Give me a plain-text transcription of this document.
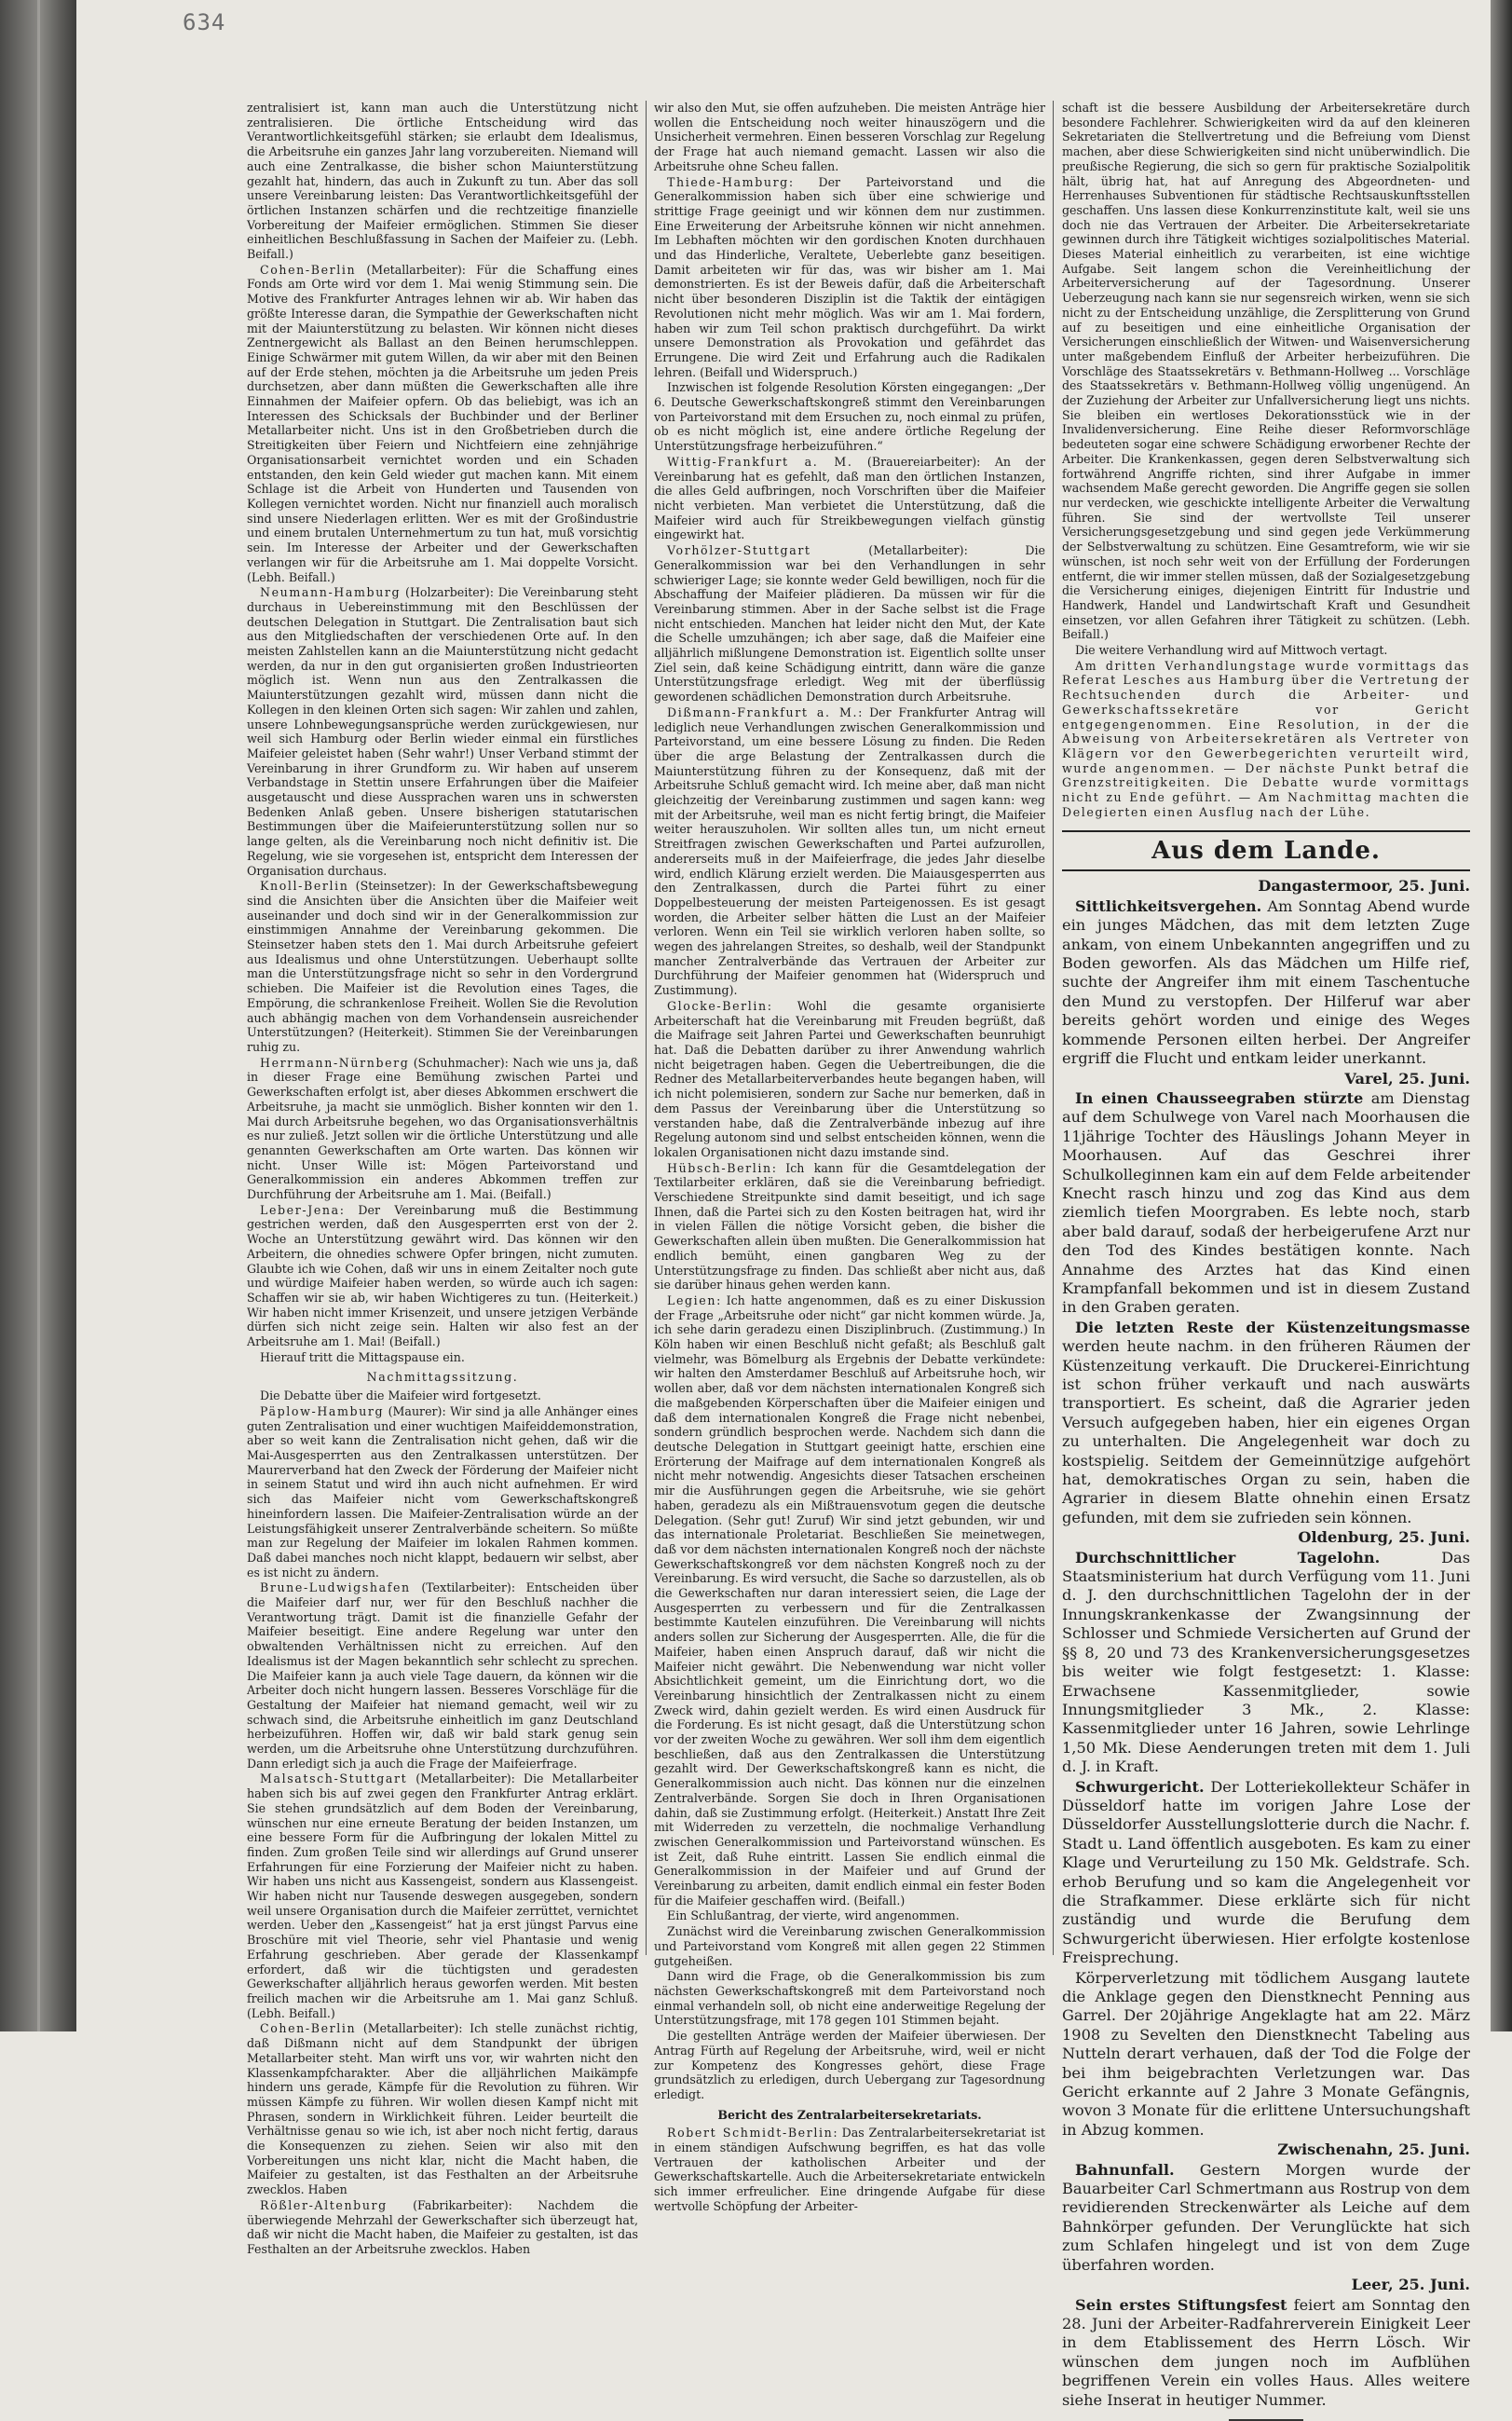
634

zentralisiert ist, kann man auch die Unterstützung nicht zentralisieren. Die örtliche Entscheidung wird das Verantwortlichkeitsgefühl stärken; sie erlaubt dem Idealismus, die Arbeitsruhe ein ganzes Jahr lang vorzubereiten. Niemand will auch eine Zentralkasse, die bisher schon Maiunterstützung gezahlt hat, hindern, das auch in Zukunft zu tun. Aber das soll unsere Vereinbarung leisten: Das Verantwortlichkeitsgefühl der örtlichen Instanzen schärfen und die rechtzeitige finanzielle Vorbereitung der Maifeier ermöglichen. Stimmen Sie dieser einheitlichen Beschlußfassung in Sachen der Maifeier zu. (Lebh. Beifall.)

Cohen-Berlin (Metallarbeiter): Für die Schaffung eines Fonds am Orte wird vor dem 1. Mai wenig Stimmung sein. Die Motive des Frankfurter Antrages lehnen wir ab. Wir haben das größte Interesse daran, die Sympathie der Gewerkschaften nicht mit der Maiunterstützung zu belasten. Wir können nicht dieses Zentnergewicht als Ballast an den Beinen herumschleppen. Einige Schwärmer mit gutem Willen, da wir aber mit den Beinen auf der Erde stehen, möchten ja die Arbeitsruhe um jeden Preis durchsetzen, aber dann müßten die Gewerkschaften alle ihre Einnahmen der Maifeier opfern. Ob das beliebigt, was ich an Interessen des Schicksals der Buchbinder und der Berliner Metallarbeiter nicht. Uns ist in den Großbetrieben durch die Streitigkeiten über Feiern und Nichtfeiern eine zehnjährige Organisationsarbeit vernichtet worden und ein Schaden entstanden, den kein Geld wieder gut machen kann. Mit einem Schlage ist die Arbeit von Hunderten und Tausenden von Kollegen vernichtet worden. Nicht nur finanziell auch moralisch sind unsere Niederlagen erlitten. Wer es mit der Großindustrie und einem brutalen Unternehmertum zu tun hat, muß vorsichtig sein. Im Interesse der Arbeiter und der Gewerkschaften verlangen wir für die Arbeitsruhe am 1. Mai doppelte Vorsicht. (Lebh. Beifall.)

Neumann-Hamburg (Holzarbeiter): Die Vereinbarung steht durchaus in Uebereinstimmung mit den Beschlüssen der deutschen Delegation in Stuttgart. Die Zentralisation baut sich aus den Mitgliedschaften der verschiedenen Orte auf. In den meisten Zahlstellen kann an die Maiunterstützung nicht gedacht werden, da nur in den gut organisierten großen Industrieorten möglich ist. Wenn nun aus den Zentralkassen die Maiunterstützungen gezahlt wird, müssen dann nicht die Kollegen in den kleinen Orten sich sagen: Wir zahlen und zahlen, unsere Lohnbewegungsansprüche werden zurückgewiesen, nur weil sich Hamburg oder Berlin wieder einmal ein fürstliches Maifeier geleistet haben (Sehr wahr!) Unser Verband stimmt der Vereinbarung in ihrer Grundform zu. Wir haben auf unserem Verbandstage in Stettin unsere Erfahrungen über die Maifeier ausgetauscht und diese Aussprachen waren uns in schwersten Bedenken Anlaß geben. Unsere bisherigen statutarischen Bestimmungen über die Maifeierunterstützung sollen nur so lange gelten, als die Vereinbarung noch nicht definitiv ist. Die Regelung, wie sie vorgesehen ist, entspricht dem Interessen der Organisation durchaus.

Knoll-Berlin (Steinsetzer): In der Gewerkschaftsbewegung sind die Ansichten über die Ansichten über die Maifeier weit auseinander und doch sind wir in der Generalkommission zur einstimmigen Annahme der Vereinbarung gekommen. Die Steinsetzer haben stets den 1. Mai durch Arbeitsruhe gefeiert aus Idealismus und ohne Unterstützungen. Ueberhaupt sollte man die Unterstützungsfrage nicht so sehr in den Vordergrund schieben. Die Maifeier ist die Revolution eines Tages, die Empörung, die schrankenlose Freiheit. Wollen Sie die Revolution auch abhängig machen von dem Vorhandensein ausreichender Unterstützungen? (Heiterkeit). Stimmen Sie der Vereinbarungen ruhig zu.

Herrmann-Nürnberg (Schuhmacher): Nach wie uns ja, daß in dieser Frage eine Bemühung zwischen Partei und Gewerkschaften erfolgt ist, aber dieses Abkommen erschwert die Arbeitsruhe, ja macht sie unmöglich. Bisher konnten wir den 1. Mai durch Arbeitsruhe begehen, wo das Organisationsverhältnis es nur zuließ. Jetzt sollen wir die örtliche Unterstützung und alle genannten Gewerkschaften am Orte warten. Das können wir nicht. Unser Wille ist: Mögen Parteivorstand und Generalkommission ein anderes Abkommen treffen zur Durchführung der Arbeitsruhe am 1. Mai. (Beifall.)

Leber-Jena: Der Vereinbarung muß die Bestimmung gestrichen werden, daß den Ausgesperrten erst von der 2. Woche an Unterstützung gewährt wird. Das können wir den Arbeitern, die ohnedies schwere Opfer bringen, nicht zumuten. Glaubte ich wie Cohen, daß wir uns in einem Zeitalter noch gute und würdige Maifeier haben werden, so würde auch ich sagen: Schaffen wir sie ab, wir haben Wichtigeres zu tun. (Heiterkeit.) Wir haben nicht immer Krisenzeit, und unsere jetzigen Verbände dürfen sich nicht zeige sein. Halten wir also fest an der Arbeitsruhe am 1. Mai! (Beifall.)

Hierauf tritt die Mittagspause ein.

Nachmittagssitzung.

Die Debatte über die Maifeier wird fortgesetzt.

Päplow-Hamburg (Maurer): Wir sind ja alle Anhänger eines guten Zentralisation und einer wuchtigen Maifeiddemonstration, aber so weit kann die Zentralisation nicht gehen, daß wir die Mai-Ausgesperrten aus den Zentralkassen unterstützen. Der Maurerverband hat den Zweck der Förderung der Maifeier nicht in seinem Statut und wird ihn auch nicht aufnehmen. Er wird sich das Maifeier nicht vom Gewerkschaftskongreß hineinfordern lassen. Die Maifeier-Zentralisation würde an der Leistungsfähigkeit unserer Zentralverbände scheitern. So müßte man zur Regelung der Maifeier im lokalen Rahmen kommen. Daß dabei manches noch nicht klappt, bedauern wir selbst, aber es ist nicht zu ändern.

Brune-Ludwigshafen (Textilarbeiter): Entscheiden über die Maifeier darf nur, wer für den Beschluß nachher die Verantwortung trägt. Damit ist die finanzielle Gefahr der Maifeier beseitigt. Eine andere Regelung war unter den obwaltenden Verhältnissen nicht zu erreichen. Auf den Idealismus ist der Magen bekanntlich sehr schlecht zu sprechen. Die Maifeier kann ja auch viele Tage dauern, da können wir die Arbeiter doch nicht hungern lassen. Besseres Vorschläge für die Gestaltung der Maifeier hat niemand gemacht, weil wir zu schwach sind, die Arbeitsruhe einheitlich im ganz Deutschland herbeizuführen. Hoffen wir, daß wir bald stark genug sein werden, um die Arbeitsruhe ohne Unterstützung durchzuführen. Dann erledigt sich ja auch die Frage der Maifeierfrage.

Malsatsch-Stuttgart (Metallarbeiter): Die Metallarbeiter haben sich bis auf zwei gegen den Frankfurter Antrag erklärt. Sie stehen grundsätzlich auf dem Boden der Vereinbarung, wünschen nur eine erneute Beratung der beiden Instanzen, um eine bessere Form für die Aufbringung der lokalen Mittel zu finden. Zum großen Teile sind wir allerdings auf Grund unserer Erfahrungen für eine Forzierung der Maifeier nicht zu haben. Wir haben uns nicht aus Kassengeist, sondern aus Klassengeist. Wir haben nicht nur Tausende deswegen ausgegeben, sondern weil unsere Organisation durch die Maifeier zerrüttet, vernichtet werden. Ueber den „Kassengeist“ hat ja erst jüngst Parvus eine Broschüre mit viel Theorie, sehr viel Phantasie und wenig Erfahrung geschrieben. Aber gerade der Klassenkampf erfordert, daß wir die tüchtigsten und geradesten Gewerkschafter alljährlich heraus geworfen werden. Mit besten freilich machen wir die Arbeitsruhe am 1. Mai ganz Schluß. (Lebh. Beifall.)

Cohen-Berlin (Metallarbeiter): Ich stelle zunächst richtig, daß Dißmann nicht auf dem Standpunkt der übrigen Metallarbeiter steht. Man wirft uns vor, wir wahrten nicht den Klassenkampfcharakter. Aber die alljährlichen Maikämpfe hindern uns gerade, Kämpfe für die Revolution zu führen. Wir müssen Kämpfe zu führen. Wir wollen diesen Kampf nicht mit Phrasen, sondern in Wirklichkeit führen. Leider beurteilt die Verhältnisse genau so wie ich, ist aber noch nicht fertig, daraus die Konsequenzen zu ziehen. Seien wir also mit den Vorbereitungen uns nicht klar, nicht die Macht haben, die Maifeier zu gestalten, ist das Festhalten an der Arbeitsruhe zwecklos. Haben

Rößler-Altenburg (Fabrikarbeiter): Nachdem die überwiegende Mehrzahl der Gewerkschafter sich überzeugt hat, daß wir nicht die Macht haben, die Maifeier zu gestalten, ist das Festhalten an der Arbeitsruhe zwecklos. Haben

wir also den Mut, sie offen aufzuheben. Die meisten Anträge hier wollen die Entscheidung noch weiter hinauszögern und die Unsicherheit vermehren. Einen besseren Vorschlag zur Regelung der Frage hat auch niemand gemacht. Lassen wir also die Arbeitsruhe ohne Scheu fallen.

Thiede-Hamburg: Der Parteivorstand und die Generalkommission haben sich über eine schwierige und strittige Frage geeinigt und wir können dem nur zustimmen. Eine Erweiterung der Arbeitsruhe können wir nicht annehmen. Im Lebhaften möchten wir den gordischen Knoten durchhauen und das Hinderliche, Veraltete, Ueberlebte ganz beseitigen. Damit arbeiteten wir für das, was wir bisher am 1. Mai demonstrierten. Es ist der Beweis dafür, daß die Arbeiterschaft nicht über besonderen Disziplin ist die Taktik der eintägigen Revolutionen nicht mehr möglich. Was wir am 1. Mai fordern, haben wir zum Teil schon praktisch durchgeführt. Da wirkt unsere Demonstration als Provokation und gefährdet das Errungene. Die wird Zeit und Erfahrung auch die Radikalen lehren. (Beifall und Widerspruch.)

Inzwischen ist folgende Resolution Körsten eingegangen: „Der 6. Deutsche Gewerkschaftskongreß stimmt den Vereinbarungen von Parteivorstand mit dem Ersuchen zu, noch einmal zu prüfen, ob es nicht möglich ist, eine andere örtliche Regelung der Unterstützungsfrage herbeizuführen.“

Wittig-Frankfurt a. M. (Brauereiarbeiter): An der Vereinbarung hat es gefehlt, daß man den örtlichen Instanzen, die alles Geld aufbringen, noch Vorschriften über die Maifeier nicht verbieten. Man verbietet die Unterstützung, daß die Maifeier wird auch für Streikbewegungen vielfach günstig eingewirkt hat.

Vorhölzer-Stuttgart	(Metallarbeiter): Die Generalkommission war bei den Verhandlungen in sehr schwieriger Lage; sie konnte weder Geld bewilligen, noch für die Abschaffung der Maifeier plädieren. Da müssen wir für die Vereinbarung stimmen. Aber in der Sache selbst ist die Frage nicht entschieden. Manchen hat leider nicht den Mut, der Kate die Schelle umzuhängen; ich aber sage, daß die Maifeier eine alljährlich mißlungene Demonstration ist. Eigentlich sollte unser Ziel sein, daß keine Schädigung eintritt, dann wäre die ganze Unterstützungsfrage erledigt. Weg mit der überflüssig gewordenen schädlichen Demonstration durch Arbeitsruhe.

Dißmann-Frankfurt a. M.: Der Frankfurter Antrag will lediglich neue Verhandlungen zwischen Generalkommission und Parteivorstand, um eine bessere Lösung zu finden. Die Reden über die arge Belastung der Zentralkassen durch die Maiunterstützung führen zu der Konsequenz, daß mit der Arbeitsruhe Schluß gemacht wird. Ich meine aber, daß man nicht gleichzeitig der Vereinbarung zustimmen und sagen kann: weg mit der Arbeitsruhe, weil man es nicht fertig bringt, die Maifeier weiter herauszuholen. Wir sollten alles tun, um nicht erneut Streitfragen zwischen Gewerkschaften und Partei aufzurollen, andererseits muß in der Maifeierfrage, die jedes Jahr dieselbe wird, endlich Klärung erzielt werden. Die Maiausgesperrten aus den Zentralkassen, durch die Partei führt zu einer Doppelbesteuerung der meisten Parteigenossen. Es ist gesagt worden, die Arbeiter selber hätten die Lust an der Maifeier verloren. Wenn ein Teil sie wirklich verloren haben sollte, so wegen des jahrelangen Streites, so deshalb, weil der Standpunkt mancher Zentralverbände das Vertrauen der Arbeiter zur Durchführung der Maifeier genommen hat (Widerspruch und Zustimmung).

Glocke-Berlin: Wohl die gesamte organisierte Arbeiterschaft hat die Vereinbarung mit Freuden begrüßt, daß die Maifrage seit Jahren Partei und Gewerkschaften beunruhigt hat. Daß die Debatten darüber zu ihrer Anwendung wahrlich nicht beigetragen haben. Gegen die Uebertreibungen, die die Redner des Metallarbeiterverbandes heute begangen haben, will ich nicht polemisieren, sondern zur Sache nur bemerken, daß in dem Passus der Vereinbarung über die Unterstützung so verstanden habe, daß die Zentralverbände inbezug auf ihre Regelung autonom sind und selbst entscheiden können, wenn die lokalen Organisationen nicht dazu imstande sind.

Hübsch-Berlin: Ich kann für die Gesamtdelegation der Textilarbeiter erklären, daß sie die Vereinbarung befriedigt. Verschiedene Streitpunkte sind damit beseitigt, und ich sage Ihnen, daß die Partei sich zu den Kosten beitragen hat, wird ihr in vielen Fällen die nötige Vorsicht geben, die bisher die Gewerkschaften allein üben mußten. Die Generalkommission hat endlich bemüht, einen gangbaren Weg zu der Unterstützungsfrage zu finden. Das schließt aber nicht aus, daß sie darüber hinaus gehen werden kann.

Legien: Ich hatte angenommen, daß es zu einer Diskussion der Frage „Arbeitsruhe oder nicht“ gar nicht kommen würde. Ja, ich sehe darin geradezu einen Disziplinbruch. (Zustimmung.) In Köln haben wir einen Beschluß nicht gefaßt; als Beschluß galt vielmehr, was Bömelburg als Ergebnis der Debatte verkündete: wir halten den Amsterdamer Beschluß auf Arbeitsruhe hoch, wir wollen aber, daß vor dem nächsten internationalen Kongreß sich die maßgebenden Körperschaften über die Maifeier einigen und daß dem internationalen Kongreß die Frage nicht nebenbei, sondern gründlich besprochen werde. Nachdem sich dann die deutsche Delegation in Stuttgart geeinigt hatte, erschien eine Erörterung der Maifrage auf dem internationalen Kongreß als nicht mehr notwendig. Angesichts dieser Tatsachen erscheinen mir die Ausführungen gegen die Arbeitsruhe, wie sie gehört haben, geradezu als ein Mißtrauensvotum gegen die deutsche Delegation. (Sehr gut! Zuruf) Wir sind jetzt gebunden, wir und das internationale Proletariat. Beschließen Sie meinetwegen, daß vor dem nächsten internationalen Kongreß noch der nächste Gewerkschaftskongreß vor dem nächsten Kongreß noch zu der Vereinbarung. Es wird versucht, die Sache so darzustellen, als ob die Gewerkschaften nur daran interessiert seien, die Lage der Ausgesperrten zu verbessern und für die Zentralkassen bestimmte Kautelen einzuführen. Die Vereinbarung will nichts anders sollen zur Sicherung der Ausgesperrten. Alle, die für die Maifeier, haben einen Anspruch darauf, daß wir nicht die Maifeier nicht gewährt. Die Nebenwendung war nicht voller Absichtlichkeit gemeint, um die Einrichtung dort, wo die Vereinbarung hinsichtlich der Zentralkassen nicht zu einem Zweck wird, dahin gezielt werden. Es wird einen Ausdruck für die Forderung. Es ist nicht gesagt, daß die Unterstützung schon vor der zweiten Woche zu gewähren. Wer soll ihm dem eigentlich beschließen, daß aus den Zentralkassen die Unterstützung gezahlt wird. Der Gewerkschaftskongreß kann es nicht, die Generalkommission auch nicht. Das können nur die einzelnen Zentralverbände. Sorgen Sie doch in Ihren Organisationen dahin, daß sie Zustimmung erfolgt. (Heiterkeit.) Anstatt Ihre Zeit mit Widerreden zu verzetteln, die nochmalige Verhandlung zwischen Generalkommission und Parteivorstand wünschen. Es ist Zeit, daß Ruhe eintritt. Lassen Sie endlich einmal die Generalkommission in der Maifeier und auf Grund der Vereinbarung zu arbeiten, damit endlich einmal ein fester Boden für die Maifeier geschaffen wird. (Beifall.)

Ein Schlußantrag, der vierte, wird angenommen.

Zunächst wird die Vereinbarung zwischen Generalkommission und Parteivorstand vom Kongreß mit allen gegen 22 Stimmen gutgeheißen.

Dann wird die Frage, ob die Generalkommission bis zum nächsten Gewerkschaftskongreß mit dem Parteivorstand noch einmal verhandeln soll, ob nicht eine anderweitige Regelung der Unterstützungsfrage, mit 178 gegen 101 Stimmen bejaht.

Die gestellten Anträge werden der Maifeier überwiesen. Der Antrag Fürth auf Regelung der Arbeitsruhe, wird, weil er nicht zur Kompetenz des Kongresses gehört, diese Frage grundsätzlich zu erledigen, durch Uebergang zur Tagesordnung erledigt.

Bericht des Zentralarbeitersekretariats.

Robert Schmidt-Berlin: Das Zentralarbeitersekretariat ist in einem ständigen Aufschwung begriffen, es hat das volle Vertrauen der katholischen Arbeiter und der Gewerkschaftskartelle. Auch die Arbeitersekretariate entwickeln sich immer erfreulicher. Eine dringende Aufgabe für diese wertvolle Schöpfung der Arbeiter-

schaft ist die bessere Ausbildung der Arbeitersekretäre durch besondere Fachlehrer. Schwierigkeiten wird da auf den kleineren Sekretariaten die Stellvertretung und die Befreiung vom Dienst machen, aber diese Schwierigkeiten sind nicht unüberwindlich. Die preußische Regierung, die sich so gern für praktische Sozialpolitik hält, übrig hat, hat auf Anregung des Abgeordneten- und Herrenhauses Subventionen für städtische Rechtsauskunftsstellen geschaffen. Uns lassen diese Konkurrenzinstitute kalt, weil sie uns doch nie das Vertrauen der Arbeiter. Die Arbeitersekretariate gewinnen durch ihre Tätigkeit wichtiges sozialpolitisches Material. Dieses Material einheitlich zu verarbeiten, ist eine wichtige Aufgabe. Seit langem schon die Vereinheitlichung der Arbeiterversicherung auf der Tagesordnung. Unserer Ueberzeugung nach kann sie nur segensreich wirken, wenn sie sich nicht zu der Entscheidung unzählige, die Zersplitterung von Grund auf zu beseitigen und eine einheitliche Organisation der Versicherungen einschließlich der Witwen- und Waisenversicherung unter maßgebendem Einfluß der Arbeiter herbeizuführen. Die Vorschläge des Staatssekretärs v. Bethmann-Hollweg ... Vorschläge des Staatssekretärs v. Bethmann-Hollweg völlig ungenügend. An der Zuziehung der Arbeiter zur Unfallversicherung liegt uns nichts. Sie bleiben ein wertloses Dekorationsstück wie in der Invalidenversicherung. Eine Reihe dieser Reformvorschläge bedeuteten sogar eine schwere Schädigung erworbener Rechte der Arbeiter. Die Krankenkassen, gegen deren Selbstverwaltung sich fortwährend Angriffe richten, sind ihrer Aufgabe in immer wachsendem Maße gerecht geworden. Die Angriffe gegen sie sollen nur verdecken, wie geschickte intelligente Arbeiter die Verwaltung führen. Sie sind der wertvollste Teil unserer Versicherungsgesetzgebung und sind gegen jede Verkümmerung der Selbstverwaltung zu schützen. Eine Gesamtreform, wie wir sie wünschen, ist noch sehr weit von der Erfüllung der Forderungen entfernt, die wir immer stellen müssen, daß der Sozialgesetzgebung die Versicherung einiges, diejenigen Eintritt für Industrie und Handwerk, Handel und Landwirtschaft Kraft und Gesundheit einsetzen, vor allen Gefahren ihrer Tätigkeit zu schützen. (Lebh. Beifall.)

Die weitere Verhandlung wird auf Mittwoch vertagt.

Am dritten Verhandlungstage wurde vormittags das Referat Lesches aus Hamburg über die Vertretung der Rechtsuchenden durch die Arbeiter- und Gewerkschaftssekretäre vor Gericht entgegengenommen. Eine Resolution, in der die Abweisung von Arbeitersekretären als Vertreter von Klägern vor den Gewerbegerichten verurteilt wird, wurde angenommen. — Der nächste Punkt betraf die Grenzstreitigkeiten. Die Debatte wurde vormittags nicht zu Ende geführt. — Am Nachmittag machten die Delegierten einen Ausflug nach der Lühe.

Aus dem Lande.

Dangastermoor, 25. Juni.

Sittlichkeitsvergehen. Am Sonntag Abend wurde ein junges Mädchen, das mit dem letzten Zuge ankam, von einem Unbekannten angegriffen und zu Boden geworfen. Als das Mädchen um Hilfe rief, suchte der Angreifer ihm mit einem Taschentuche den Mund zu verstopfen. Der Hilferuf war aber bereits gehört worden und einige des Weges kommende Personen eilten herbei. Der Angreifer ergriff die Flucht und entkam leider unerkannt.

Varel, 25. Juni.

In einen Chausseegraben stürzte am Dienstag auf dem Schulwege von Varel nach Moorhausen die 11jährige Tochter des Häuslings Johann Meyer in Moorhausen. Auf das Geschrei ihrer Schulkolleginnen kam ein auf dem Felde arbeitender Knecht rasch hinzu und zog das Kind aus dem ziemlich tiefen Moorgraben. Es lebte noch, starb aber bald darauf, sodaß der herbeigerufene Arzt nur den Tod des Kindes bestätigen konnte. Nach Annahme des Arztes hat das Kind einen Krampfanfall bekommen und ist in diesem Zustand in den Graben geraten.

Die letzten Reste der Küstenzeitungsmasse werden heute nachm. in den früheren Räumen der Küstenzeitung verkauft. Die Druckerei-Einrichtung ist schon früher verkauft und nach auswärts transportiert. Es scheint, daß die Agrarier jeden Versuch aufgegeben haben, hier ein eigenes Organ zu unterhalten. Die Angelegenheit war doch zu kostspielig. Seitdem der Gemeinnützige aufgehört hat, demokratisches Organ zu sein, haben die Agrarier in diesem Blatte ohnehin einen Ersatz gefunden, mit dem sie zufrieden sein können.

Oldenburg, 25. Juni.

Durchschnittlicher Tagelohn.	Das Staatsministerium hat durch Verfügung vom 11. Juni d. J. den durchschnittlichen Tagelohn der in der Innungskrankenkasse der Zwangsinnung der Schlosser und Schmiede Versicherten auf Grund der §§ 8, 20 und 73 des Krankenversicherungsgesetzes bis weiter wie folgt festgesetzt: 1. Klasse: Erwachsene Kassenmitglieder, sowie Innungsmitglieder 3 Mk., 2. Klasse: Kassenmitglieder unter 16 Jahren, sowie Lehrlinge 1,50 Mk. Diese Aenderungen treten mit dem 1. Juli d. J. in Kraft.

Schwurgericht. Der Lotteriekollekteur Schäfer in Düsseldorf hatte im vorigen Jahre Lose der Düsseldorfer Ausstellungslotterie durch die Nachr. f. Stadt u. Land öffentlich ausgeboten. Es kam zu einer Klage und Verurteilung zu 150 Mk. Geldstrafe. Sch. erhob Berufung und so kam die Angelegenheit vor die Strafkammer. Diese erklärte sich für nicht zuständig und wurde die Berufung dem Schwurgericht überwiesen. Hier erfolgte kostenlose Freisprechung.

Körperverletzung mit tödlichem Ausgang lautete die Anklage gegen den Dienstknecht Penning aus Garrel. Der 20jährige Angeklagte hat am 22. März 1908 zu Sevelten den Dienstknecht Tabeling aus Nutteln derart verhauen, daß der Tod die Folge der bei ihm beigebrachten Verletzungen war. Das Gericht erkannte auf 2 Jahre 3 Monate Gefängnis, wovon 3 Monate für die erlittene Untersuchungshaft in Abzug kommen.

Zwischenahn, 25. Juni.

Bahnunfall. Gestern Morgen wurde der Bauarbeiter Carl Schmertmann aus Rostrup von dem revidierenden Streckenwärter als Leiche auf dem Bahnkörper gefunden. Der Verunglückte hat sich zum Schlafen hingelegt und ist von dem Zuge überfahren worden.

Leer, 25. Juni.

Sein erstes Stiftungsfest feiert am Sonntag den 28. Juni der Arbeiter-Radfahrerverein Einigkeit Leer in dem Etablissement des Herrn Lösch. Wir wünschen dem jungen noch im Aufblühen begriffenen Verein ein volles Haus. Alles weitere siehe Inserat in heutiger Nummer.
